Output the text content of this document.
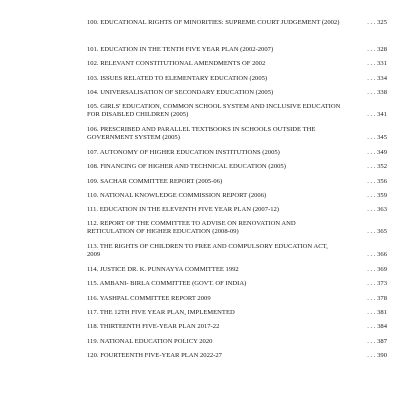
100. EDUCATIONAL RIGHTS OF MINORITIES: SUPREME COURT JUDGEMENT (2002)	. . . 325
101. EDUCATION IN THE TENTH FIVE YEAR PLAN (2002-2007)	. . . 328
102. RELEVANT CONSTITUTIONAL AMENDMENTS OF 2002	. . . 331
103. ISSUES RELATED TO ELEMENTARY EDUCATION (2005)	. . . 334
104. UNIVERSALISATION OF SECONDARY EDUCATION (2005)	. . . 338
105. GIRLS' EDUCATION, COMMON SCHOOL SYSTEM AND INCLUSIVE EDUCATION FOR DISABLED CHILDREN (2005)	. . . 341
106. PRESCRIBED AND PARALLEL TEXTBOOKS IN SCHOOLS OUTSIDE THE GOVERNMENT SYSTEM (2005)	. . . 345
107. AUTONOMY OF HIGHER EDUCATION INSTITUTIONS (2005)	. . . 349
108. FINANCING OF HIGHER AND TECHNICAL EDUCATION (2005)	. . . 352
109. SACHAR COMMITTEE REPORT (2005-06)	. . . 356
110. NATIONAL KNOWLEDGE COMMISSION REPORT (2006)	. . . 359
111. EDUCATION IN THE ELEVENTH FIVE YEAR PLAN (2007-12)	. . . 363
112. REPORT OF THE COMMITTEE TO ADVISE ON RENOVATION AND RETICULATION OF HIGHER EDUCATION (2008-09)	. . . 365
113. THE RIGHTS OF CHILDREN TO FREE AND COMPULSORY EDUCATION ACT, 2009	. . . 366
114. JUSTICE DR. K. PUNNAYYA COMMITTEE 1992	. . . 369
115. AMBANI- BIRLA COMMITTEE (GOVT. OF INDIA)	. . . 373
116. YASHPAL COMMITTEE REPORT 2009	. . . 378
117. THE 12TH FIVE YEAR PLAN, IMPLEMENTED	. . . 381
118. THIRTEENTH FIVE-YEAR PLAN 2017-22	. . . 384
119. NATIONAL EDUCATION POLICY 2020	. . . 387
120. FOURTEENTH FIVE-YEAR PLAN 2022-27	. . . 390
